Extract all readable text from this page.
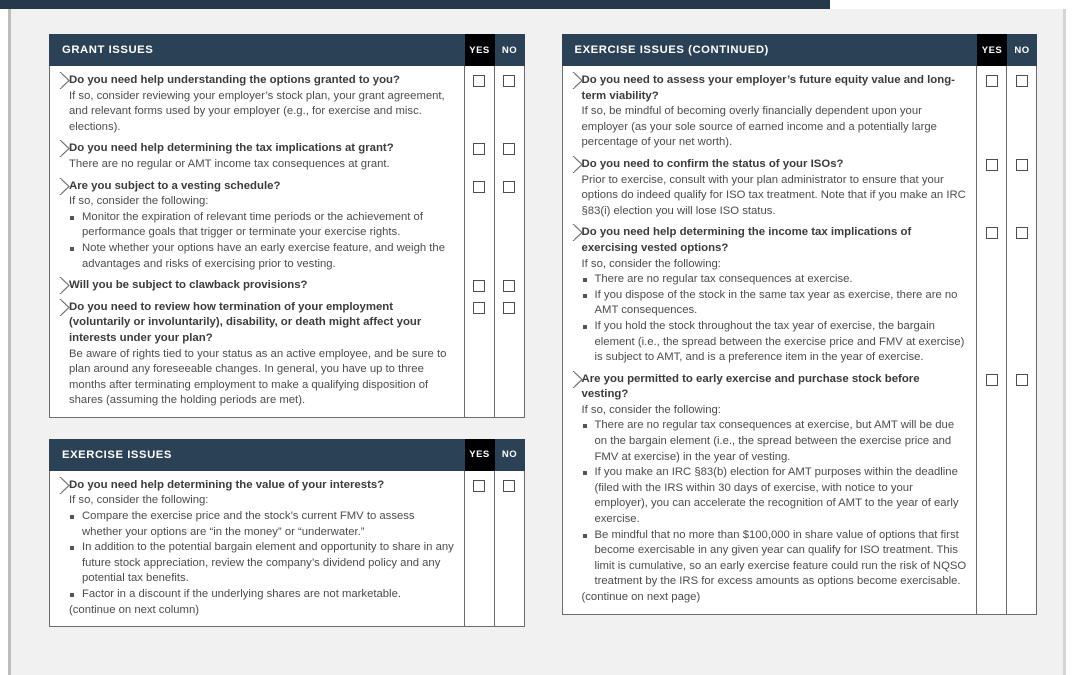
GRANT ISSUES	YES	NO
Do you need help understanding the options granted to you?
If so, consider reviewing your employer’s stock plan, your grant agreement, and relevant forms used by your employer (e.g., for exercise and misc. elections).
Do you need help determining the tax implications at grant?
There are no regular or AMT income tax consequences at grant.
Are you subject to a vesting schedule?
If so, consider the following:
Monitor the expiration of relevant time periods or the achievement of performance goals that trigger or terminate your exercise rights.
Note whether your options have an early exercise feature, and weigh the advantages and risks of exercising prior to vesting.
Will you be subject to clawback provisions?
Do you need to review how termination of your employment (voluntarily or involuntarily), disability, or death might affect your interests under your plan?
Be aware of rights tied to your status as an active employee, and be sure to plan around any foreseeable changes. In general, you have up to three months after terminating employment to make a qualifying disposition of shares (assuming the holding periods are met).
EXERCISE ISSUES	YES	NO
Do you need help determining the value of your interests?
If so, consider the following:
Compare the exercise price and the stock’s current FMV to assess whether your options are “in the money” or “underwater.”
In addition to the potential bargain element and opportunity to share in any future stock appreciation, review the company’s dividend policy and any potential tax benefits.
Factor in a discount if the underlying shares are not marketable.
(continue on next column)
EXERCISE ISSUES (CONTINUED)	YES	NO
Do you need to assess your employer’s future equity value and long-term viability?
If so, be mindful of becoming overly financially dependent upon your employer (as your sole source of earned income and a potentially large percentage of your net worth).
Do you need to confirm the status of your ISOs?
Prior to exercise, consult with your plan administrator to ensure that your options do indeed qualify for ISO tax treatment. Note that if you make an IRC §83(i) election you will lose ISO status.
Do you need help determining the income tax implications of exercising vested options?
If so, consider the following:
There are no regular tax consequences at exercise.
If you dispose of the stock in the same tax year as exercise, there are no AMT consequences.
If you hold the stock throughout the tax year of exercise, the bargain element (i.e., the spread between the exercise price and FMV at exercise) is subject to AMT, and is a preference item in the year of exercise.
Are you permitted to early exercise and purchase stock before vesting?
If so, consider the following:
There are no regular tax consequences at exercise, but AMT will be due on the bargain element (i.e., the spread between the exercise price and FMV at exercise) in the year of vesting.
If you make an IRC §83(b) election for AMT purposes within the deadline (filed with the IRS within 30 days of exercise, with notice to your employer), you can accelerate the recognition of AMT to the year of early exercise.
Be mindful that no more than $100,000 in share value of options that first become exercisable in any given year can qualify for ISO treatment. This limit is cumulative, so an early exercise feature could run the risk of NQSO treatment by the IRS for excess amounts as options become exercisable.
(continue on next page)
